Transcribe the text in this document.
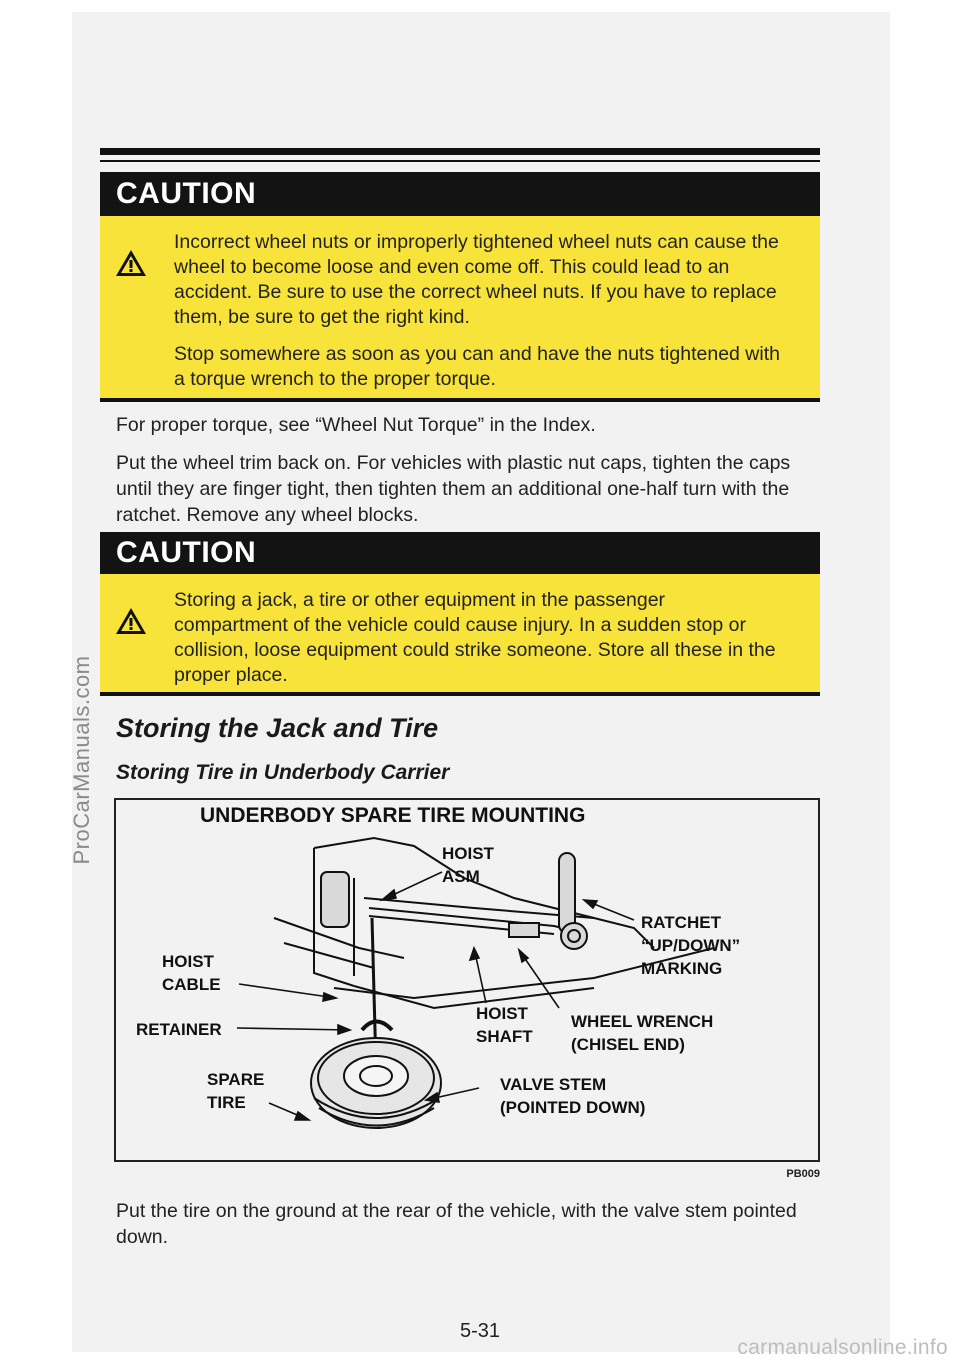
ProCarManuals.com
CAUTION

Incorrect wheel nuts or improperly tightened wheel nuts can cause the wheel to become loose and even come off. This could lead to an accident. Be sure to use the correct wheel nuts. If you have to replace them, be sure to get the right kind.

Stop somewhere as soon as you can and have the nuts tightened with a torque wrench to the proper torque.

For proper torque, see “Wheel Nut Torque” in the Index.

Put the wheel trim back on. For vehicles with plastic nut caps, tighten the caps until they are finger tight, then tighten them an additional one-half turn with the ratchet. Remove any wheel blocks.

CAUTION

Storing a jack, a tire or other equipment in the passenger compartment of the vehicle could cause injury. In a sudden stop or collision, loose equipment could strike someone. Store all these in the proper place.

Storing the Jack and Tire
Storing Tire in Underbody Carrier
UNDERBODY SPARE TIRE MOUNTING
HOIST
ASM
RATCHET
“UP/DOWN”
MARKING
HOIST
CABLE
RETAINER
HOIST
SHAFT
WHEEL WRENCH
(CHISEL END)
SPARE
TIRE
VALVE STEM
(POINTED DOWN)
PB009

Put the tire on the ground at the rear of the vehicle, with the valve stem pointed down.

5-31
carmanualsonline.info
